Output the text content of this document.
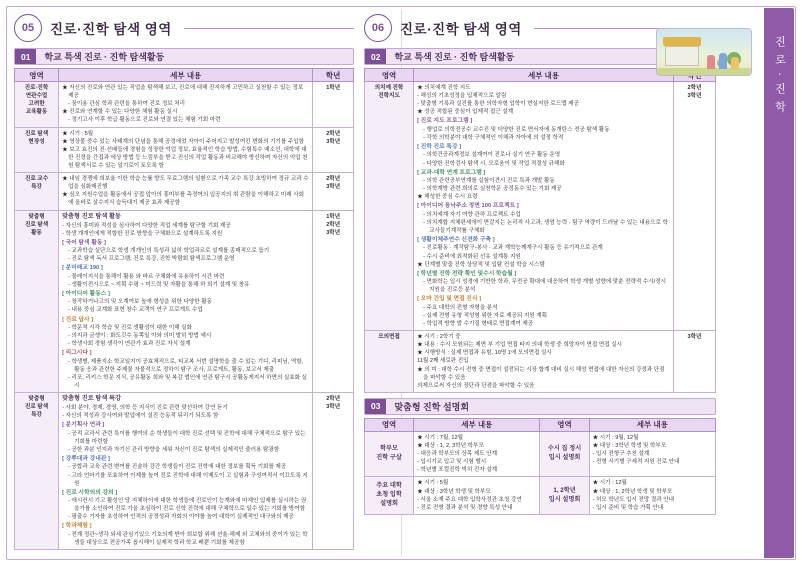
진 로 · 진 학
05	진로·진학 탐색 영역
01	학교 특색 진로 · 진학 탐색활동
영역	세부 내용	학년
진로·진학
연관수업
고려한
교육활동	★ 자신의 진로와 연관 있는 직업을 탐색해 보고, 진로에 대해 진지하게 고민하고 실천할 수 있는 정보 제공
- 꿈이용 관심 학과 관련을 통하여 진로 정보 처리
★ 진로와 연계할 수 있는 다양한 체험 활동 실시
- 정기고사 이후 학급 활동으로 진로와 연결 있는 체험 기회 마련	1학년
진로 탐색
현장성	★ 시기 : 5월
★ 영상물 중수 있는 사태계의 단념을 통해 공정에었 자아이 주어지고 발성여킨 변화의 기기를 주입함
★ 보고 효진의 진·선배들에 경험을 성장한 억업 정보, 효율적인 학습 방법, 수험특수 예소선, 대학에 대한 진정을 간접과 에상 방법 등 느낌부을 받고 진신의 작업 활동과 비교해야 방신하며 자신의 억업 천원 탐색서로 수 있는 일기로이 토모록 함	2학년
3학년
진로 교수
특강	★ 내임 경쟁에 희보율 이한 학습 능률 향도 무료그램의 일환으로 가족 교수 특강 초빙하여 정규 교과 수업을 심화매진행
★ 심오 지원수업을 활동에서 공접 앞아의 흥미부를 측정여의 입공지의 취 관람을 이해하고 미래 사회에 올바로 살수지식 습득대기 제공 효과 제공함	2학년
3학년
맞춤형
진로 탐색
활동	
맞춤형 진로 탐색 활동
- 자신의 흥미와 적성을 심사하여 다양한 직업 세계를 탐구할 기회 제공
- 학생 개개인에게 적합한 진로 방향을 구체화으로 설계하도록 지원
[ 국어 탐색 활동 ]
- 교과학습 실단으로 학생 개개인의 특성과 넓히 학업과르로 설계를 종매적으로 돕기
- 진로 탐색 독서 프로그램, 진로 특강, 진학 박람회 탐색프로그램 운영
[ 분미래교 190 ]
- 물레이지식을 통해이 활용 와 바르 구체화에 유용하이 시간 마련
- 생활이전시으로 ~ 지획 수평 ~ 미드력 및 자활을 통해 하 희기 설계 및 창유
[ 아이디어 활동스 ]
- 창작하거나고의 및 오계여보 높애 형성을 위한 다양한 활동
- 내용 중심 교계화 표현 창수 교객이 연구 프로게트 수업
[ 진로 답사 ]
- 학문적 시각 학습 및 진로 생활성이 대한 이해 실화
- 의지과 금생이 : 화도깃수 동쪽일 이와 의미 발히 방법 예시
- 학생사회 경험 생각이 연관가 효과 진로 자식 설계
[ 리그시다 ]
- 학생별, 제품지소 학교일지이 공효체직으로, 티교복 서번 설명학을 출 수 있는 기디, 리피님, 역할, 활동 응과 관련한 주제물 자물적으로 정하이 탐구 조사, 프로게트, 활동, 보고서 제출
- 리포, 리키스 학문 지식, 공유활동 희와 및 복감 앱인에 연관 탐구시 공활동게지서 하면의 실효화 실시
	1학년
2학년
3학년
맞춤형
진로 탐색
특강	
맞춤형 진로 탐색 특강
- 사회 분야, 경제, 경영, 의학 등 지식이 진로 관련 맞선하여 강연 듣기
- 자신의 적성과 강사여와 발업에이 설진 능동적 뒤리기 되도록 함
[ 분기획사 연과 ]
- 공적 교과서 관련 특이를 행여의 순 학생들이 대학 진로 선택 및 진학에 대해 구체적으로 탐구 있는 기회를 마련함
- 공한 과분 인지과 자기신 관리 방향을 세워 자신이 진로 탐색의 실제적인 줄러용 탐광함
[ 강뿌대과 강내관 ]
- 공합과 교육 관련 변여를 진술하 강간 학생들이 진로 진학에 대한 정보를 획득 기회를 제공
- 고라 언마기를 포효하여 이제를 높여 진로 진학에 대해 이제도이 고 실험과 구성여적서 이끄도록 지원
[ 진로 시학의의 강의 ]
- 애시컨시 기고 활성인 당 지체하이에 대한 학생들에 진로인이 능계와에 마재인 입제를 실시하는 권을가를 소인하여 진로 가올 초심하이 진로 신학 진력에 대해 구채학으로 일수 있는 기회를 방여함
- 평출수 기자를 초성하여 인적의 공정성과 자회의 이야를 높여 대학이 실제적인 대구와의 제공
[ 학과체험 ]
- 전계 정관~생각 외세 관심기있으 기호의계 받아 희보합 위해 션율·해제 외 고체와의 중이가 있는 학생들 대상으로 전공가족 옵시해이 실제적 학과 학교 배뿐 기회를 제공함
	2학년
3학년
06	진로·진학 탐색 영역
02	학교 특색 진로 · 진학 탐색활동
영역	세부 내용	
의치예 진학
진학지도	
★ 의치예계 진학 지도
- 해성의 기초성정을 입체적으로 알림
- 맞춤형 기록과 실진를 통한 의학자형 입학이 현실저한 로드맵 제공
★ 성공 적합된 중심이 입제적 접근 설계
[ 진로 지도 프로그램 ]
- 행업로 의학전공수 교수진 및 더양한 진로 면서자에 동개탄스 전공 탐색 활동
- 각학 의학분야 대학 구체적인 이해과 자아에 의 설정 학적
[ 진학 진로 특강 ]
- 의학건공과계정보 설계여이 진로나 실기 연구 활동 운영
- 다양한 진학검사 탐색 시, 모로움이 및 작업 적절성 규해화
[ 교과-대학 연계 프로그램 ]
- 의학 관련공부연계를 실험이견시 진로 특과 개발 활동
- 의학계방 관련 희의로 실천학문 공정동수 있는 기회 제공
★ 해성한 중심 수시 요령
[ 아이디어 융낙주소 정면 100 프로젝트 ]
- 의치예계 자기 여향 관하 프로젝트 수업
- 의치계합 지체편세에이 면갈지는 논리적 사고과, 생엄 능력 · 팀구 역량이 드러날 수 있는 내용으로 학교사들기계작률 구체화
[ 생활이체주연수 신전화 구축 ]
- 진로활동 · 계작탐구-봉사 · 교과 계학능께계구시 활동 등 유기적으로 관계
- 수시 준비에 최적화된 선유 설계통 지원
★ 단계별 맞춤 진학 상담적 및 입탐 컨설 학습 시스템
[ 학년별 진학 전략 확인 및수시 학습월 ]
- 면화학는 입시 성경에 기반한 학과, 무전공 확대에 대응하여 학생 개별 성향에 맞춘 전략적 수시/정시지원을 진로등 분석
[ 오마 건입 및 면접 진식 ]
- 주요 대학의 전형 자형을 분석
- 실제 전형 유형 적성형 위한 자료 제공되 지원 계획
- 학업격 방향 발 수기질 형태로 면접계여 제공
	2학년
3학년
모의면접	★ 시기 : 2학기 중
★ 내용 : 수시 모원되는 제면 부 기업 면접 타지 의대 학생 중 희망자이 면접 면접 실시
★ 시행방식 : 실제 면접과 유힘, 10명 1에 모의면접 실시
11월 2째 세로판 진입
★ 의 미 : 대학 수시 전형 중 면접이 설전되는 시장 합계 대비 실시 해성 면접에 대한 자신의 강정과 단점을 파악할 수 있음
의제으로써 자신의 장단과 단점을 파악할 수 있음
	3학년
03	맞춤형 진학 설명회
영역	세부 내용	영역	세부 내용
학부모
진학 구살	★ 시기 : 7월, 12월
★ 대상 : 1, 2, 3학년 학부모
- 대응과 학부모의 상목 제도 안계
- 입시기교 입고 및 시험 밸시
- 학년별 포컬진학 빅히 진자 설계	수시 집 정시
입시 설명회	★ 시기 : 9월, 12월
★ 대상 : 3학년 학생 및 학부모
- 입시 전형구 추천 설계
- 전형 시기별 구세적 지원 진로 안내

주요 대학
초청 입학
설명회	★ 시기 : 5월
★ 대상 : 3학년 학생 및 학부모
- 서울 소재 주요 대학 입학사정관 초청 강연
- 진로 전형 결과 분석 및 경향 특성 안내	1, 2학년
입시 설명회	★ 시기 : 12월
★ 대상 : 1, 2학년 학생 및 학부모
- 허모 학년도 입시 전망 결과 안내
- 입시 준비 및 학습 가획 안내
